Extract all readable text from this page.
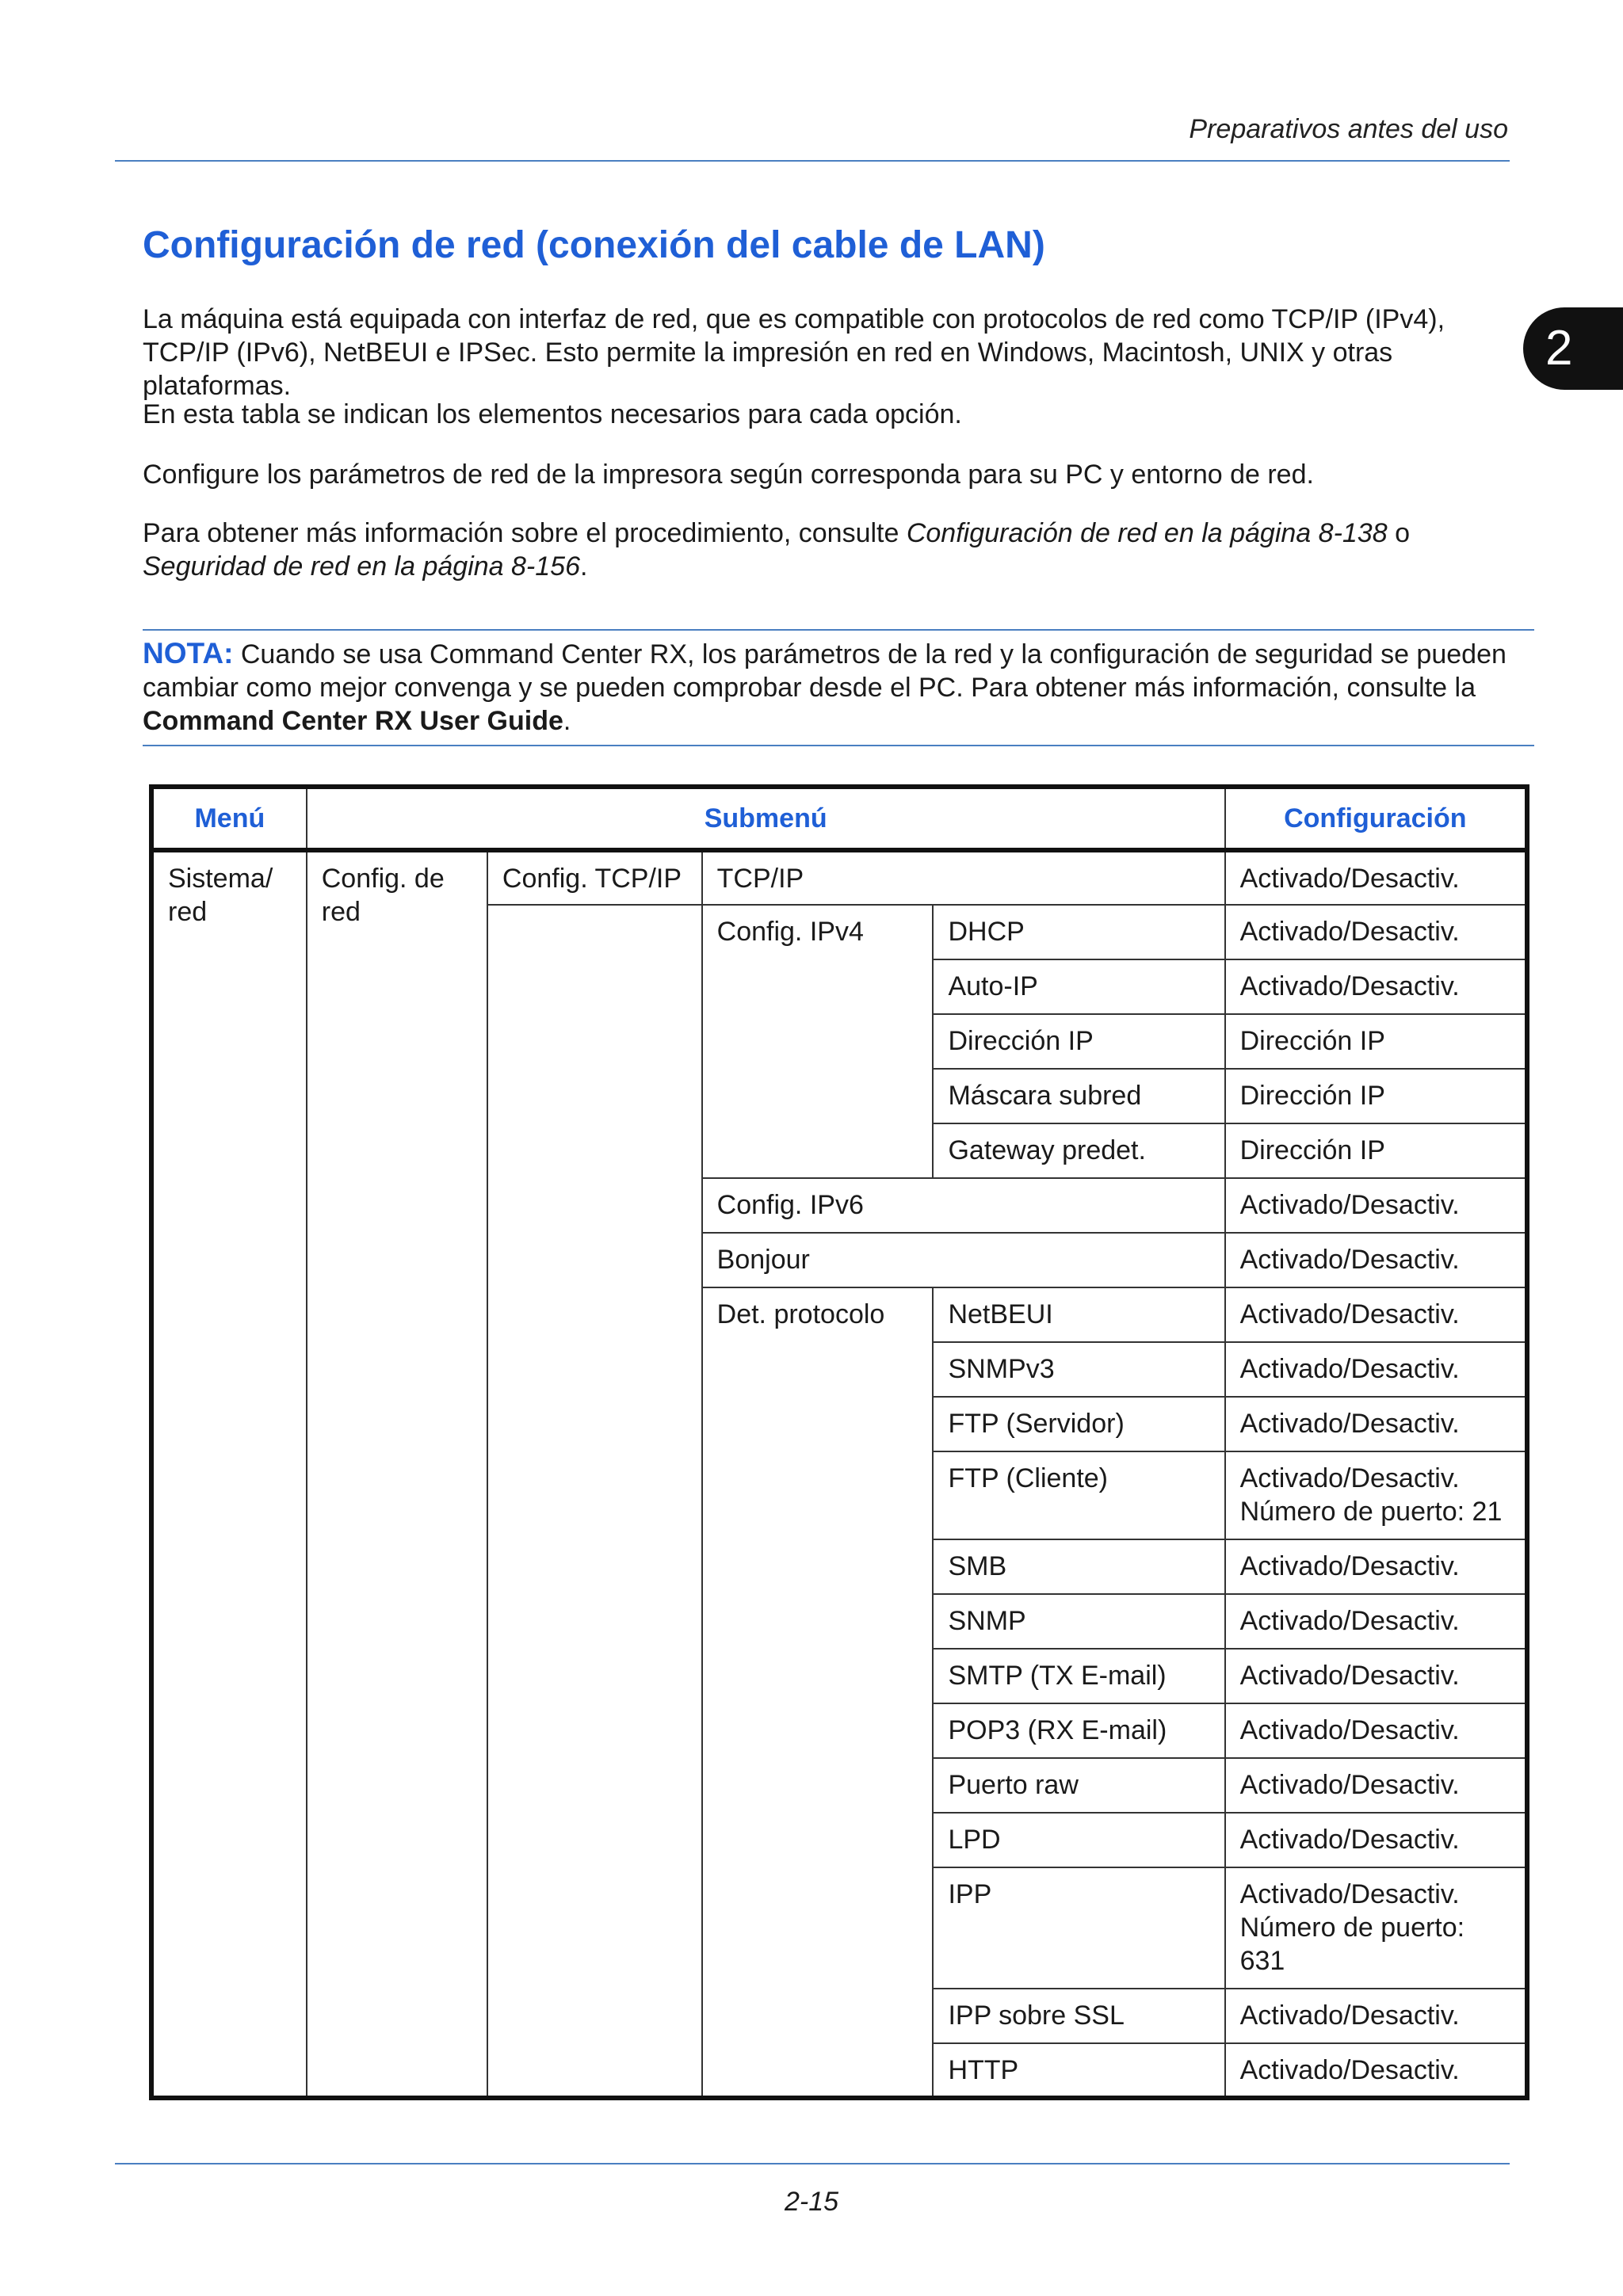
Preparativos antes del uso
2
Configuración de red (conexión del cable de LAN)
La máquina está equipada con interfaz de red, que es compatible con protocolos de red como TCP/IP (IPv4), TCP/IP (IPv6), NetBEUI e IPSec. Esto permite la impresión en red en Windows, Macintosh, UNIX y otras plataformas.
En esta tabla se indican los elementos necesarios para cada opción.
Configure los parámetros de red de la impresora según corresponda para su PC y entorno de red.
Para obtener más información sobre el procedimiento, consulte Configuración de red en la página 8-138 o Seguridad de red en la página 8-156.
NOTA: Cuando se usa Command Center RX, los parámetros de la red y la configuración de seguridad se pueden cambiar como mejor convenga y se pueden comprobar desde el PC. Para obtener más información, consulte la Command Center RX User Guide.
Menú	Submenú				Configuración
Sistema/ red	Config. de red	Config. TCP/IP	TCP/IP		Activado/Desactiv.
			Config. IPv4	DHCP	Activado/Desactiv.
				Auto-IP	Activado/Desactiv.
				Dirección IP	Dirección IP
				Máscara subred	Dirección IP
				Gateway predet.	Dirección IP
			Config. IPv6		Activado/Desactiv.
			Bonjour		Activado/Desactiv.
			Det. protocolo	NetBEUI	Activado/Desactiv.
				SNMPv3	Activado/Desactiv.
				FTP (Servidor)	Activado/Desactiv.
				FTP (Cliente)	Activado/Desactiv.
Número de puerto: 21
				SMB	Activado/Desactiv.
				SNMP	Activado/Desactiv.
				SMTP (TX E-mail)	Activado/Desactiv.
				POP3 (RX E-mail)	Activado/Desactiv.
				Puerto raw	Activado/Desactiv.
				LPD	Activado/Desactiv.
				IPP	Activado/Desactiv.
Número de puerto:
631
				IPP sobre SSL	Activado/Desactiv.
				HTTP	Activado/Desactiv.
2-15
